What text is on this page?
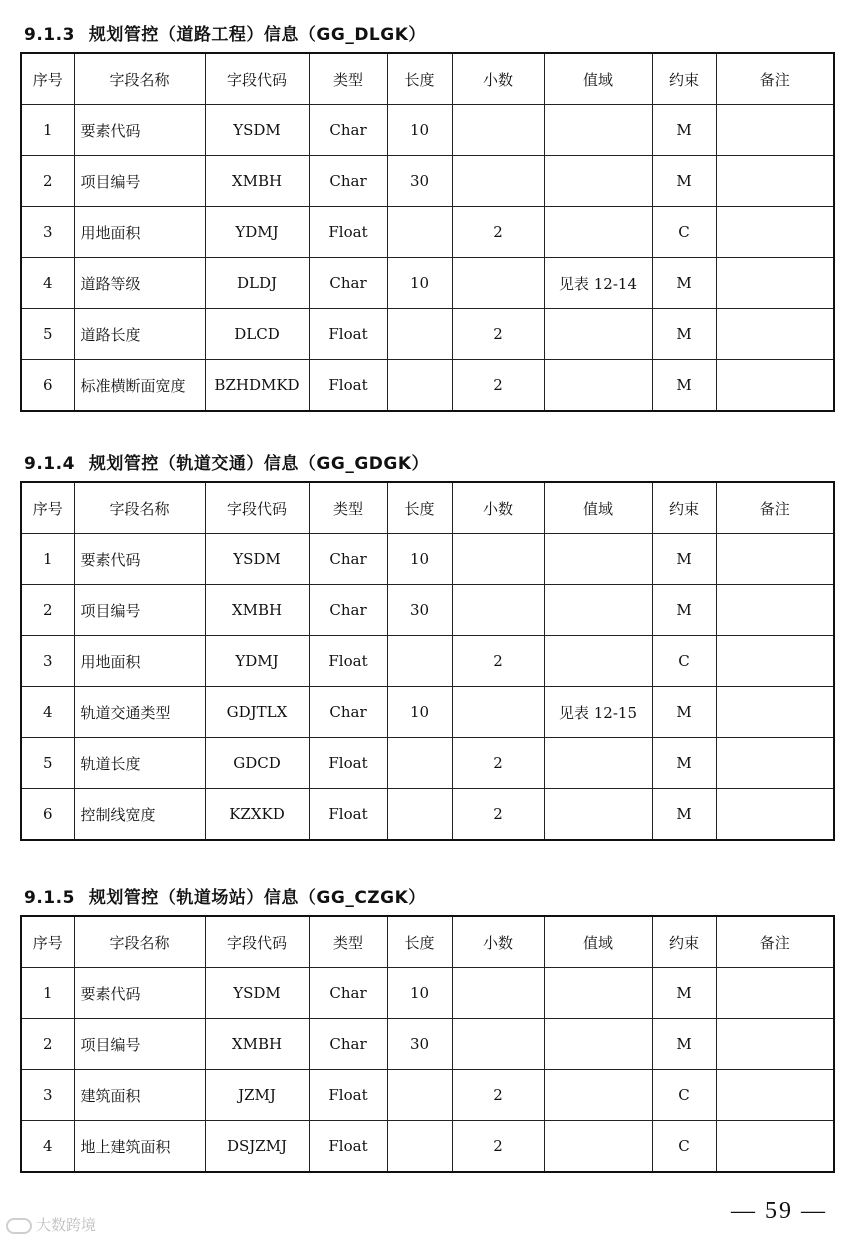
9.1.3 规划管控（道路工程）信息（GG_DLGK）
序号	字段名称	字段代码	类型	长度	小数	值域	约束	备注
1	要素代码	YSDM	Char	10			M	
2	项目编号	XMBH	Char	30			M	
3	用地面积	YDMJ	Float		2		C	
4	道路等级	DLDJ	Char	10		见表 12-14	M	
5	道路长度	DLCD	Float		2		M	
6	标准横断面宽度	BZHDMKD	Float		2		M	
9.1.4 规划管控（轨道交通）信息（GG_GDGK）
序号	字段名称	字段代码	类型	长度	小数	值域	约束	备注
1	要素代码	YSDM	Char	10			M	
2	项目编号	XMBH	Char	30			M	
3	用地面积	YDMJ	Float		2		C	
4	轨道交通类型	GDJTLX	Char	10		见表 12-15	M	
5	轨道长度	GDCD	Float		2		M	
6	控制线宽度	KZXKD	Float		2		M	
9.1.5 规划管控（轨道场站）信息（GG_CZGK）
序号	字段名称	字段代码	类型	长度	小数	值域	约束	备注
1	要素代码	YSDM	Char	10			M	
2	项目编号	XMBH	Char	30			M	
3	建筑面积	JZMJ	Float		2		C	
4	地上建筑面积	DSJZMJ	Float		2		C	
— 59 —
大数跨境
